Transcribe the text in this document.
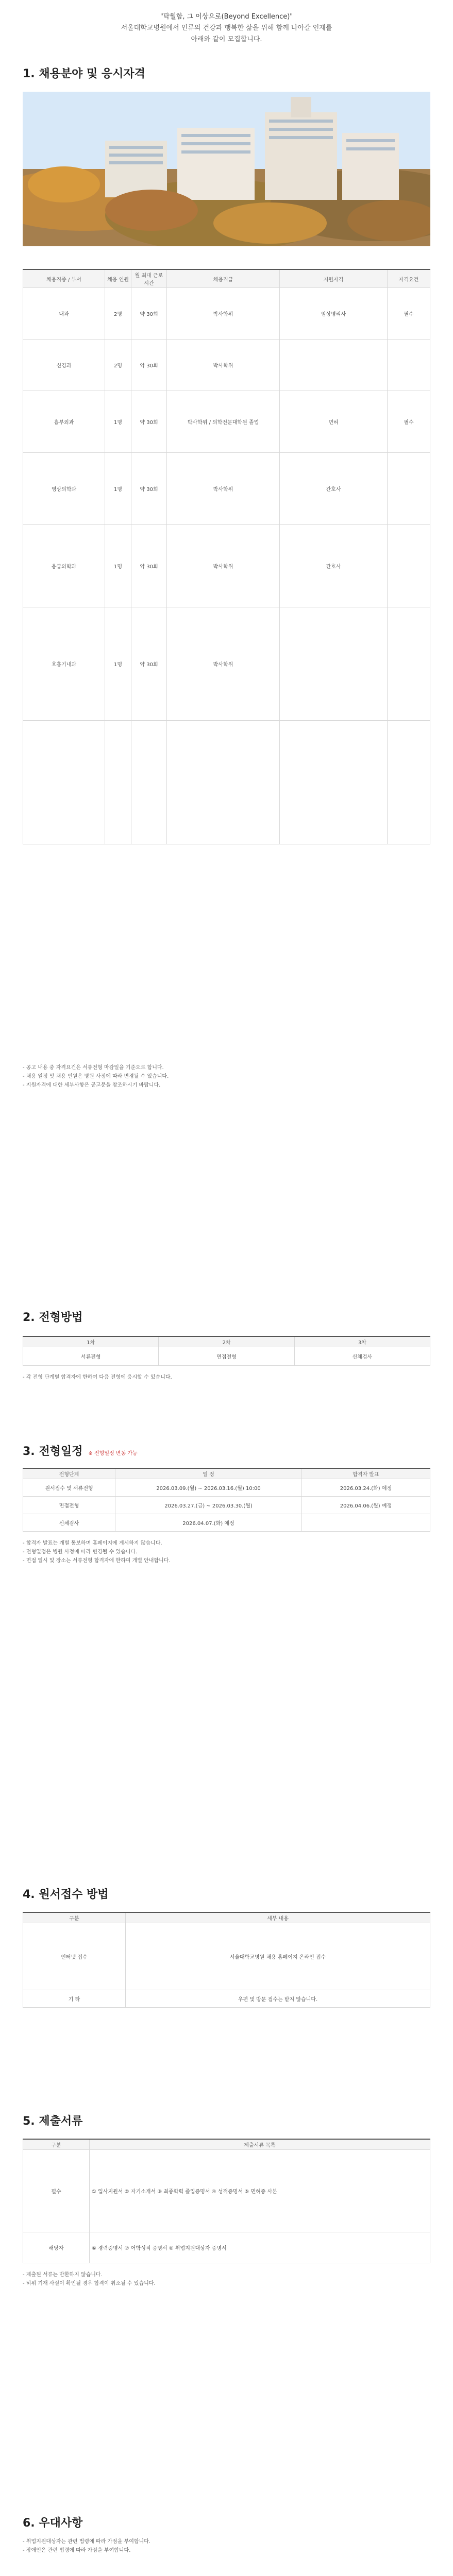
"탁월함, 그 이상으로(Beyond Excellence)"
서울대학교병원에서 인류의 건강과 행복한 삶을 위해 함께 나아갈 인재를
아래와 같이 모집합니다.
1. 채용분야 및 응시자격
채용직종 / 부서	채용 인원	월 최대 근로시간	채용직급	지원자격	자격요건
내과	2명	약 30회	박사학위	임상병리사	필수
신경과	2명	약 30회	박사학위		
흉부외과	1명	약 30회	박사학위 / 의학전문대학원 졸업	면허	필수
영상의학과	1명	약 30회	박사학위	간호사	
응급의학과	1명	약 30회	박사학위	간호사	
호흡기내과	1명	약 30회	박사학위		

- 공고 내용 중 자격요건은 서류전형 마감일을 기준으로 합니다.
- 채용 일정 및 채용 인원은 병원 사정에 따라 변경될 수 있습니다.
- 지원자격에 대한 세부사항은 공고문을 참조하시기 바랍니다.
2. 전형방법
1차	2차	3차
서류전형	면접전형	신체검사
- 각 전형 단계별 합격자에 한하여 다음 전형에 응시할 수 있습니다.
3. 전형일정 ※ 전형일정 변동 가능
전형단계	일 정	합격자 발표
원서접수 및 서류전형	2026.03.09.(월) ~ 2026.03.16.(월) 10:00	2026.03.24.(화) 예정
면접전형	2026.03.27.(금) ~ 2026.03.30.(월)	2026.04.06.(월) 예정
신체검사	2026.04.07.(화) 예정	
- 합격자 발표는 개별 통보하며 홈페이지에 게시하지 않습니다.
- 전형일정은 병원 사정에 따라 변경될 수 있습니다.
- 면접 일시 및 장소는 서류전형 합격자에 한하여 개별 안내합니다.
4. 원서접수 방법
구분	세부 내용
인터넷 접수	서울대학교병원 채용 홈페이지 온라인 접수
기 타	우편 및 방문 접수는 받지 않습니다.
5. 제출서류
구분	제출서류 목록
필수	① 입사지원서 ② 자기소개서 ③ 최종학력 졸업증명서 ④ 성적증명서 ⑤ 면허증 사본
해당자	⑥ 경력증명서 ⑦ 어학성적 증명서 ⑧ 취업지원대상자 증명서
- 제출된 서류는 반환하지 않습니다.
- 허위 기재 사실이 확인될 경우 합격이 취소될 수 있습니다.
6. 우대사항
- 취업지원대상자는 관련 법령에 따라 가점을 부여합니다.
- 장애인은 관련 법령에 따라 가점을 부여합니다.
